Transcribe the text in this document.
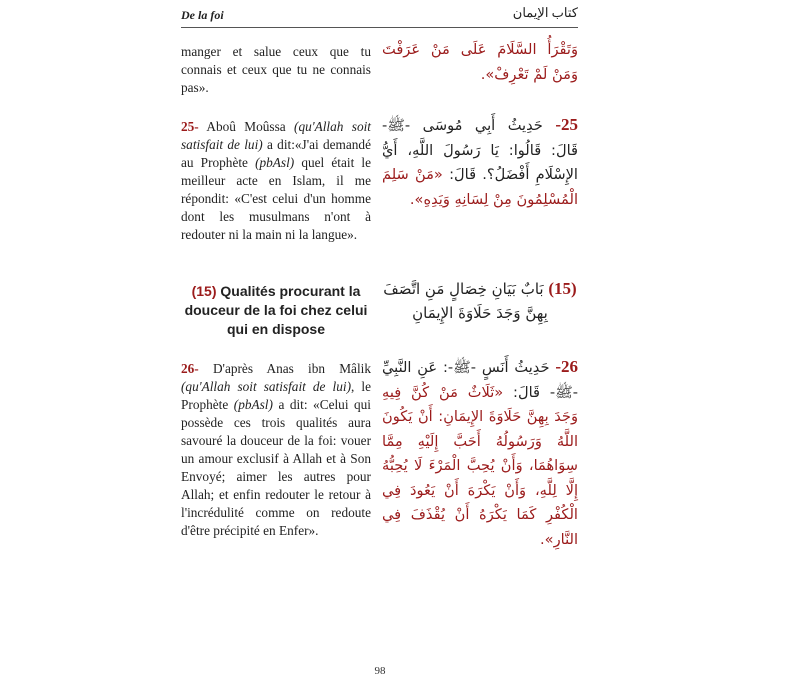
De la foi	كتاب الإيمان
manger et salue ceux que tu connais et ceux que tu ne connais pas».
وَتَقْرَأُ السَّلَامَ عَلَى مَنْ عَرَفْتَ وَمَنْ لَمْ تَعْرِفْ».
25- Aboû Moûssa (qu'Allah soit satisfait de lui) a dit:«J'ai demandé au Prophète (pbAsl) quel était le meilleur acte en Islam, il me répondit: «C'est celui d'un homme dont les musulmans n'ont à redouter ni la main ni la langue».
25- حَدِيثُ أَبِي مُوسَى -ﷺ- قَالَ: قَالُوا: يَا رَسُولَ اللَّهِ، أَيُّ الإِسْلَامِ أَفْضَلُ؟. قَالَ: «مَنْ سَلِمَ الْمُسْلِمُونَ مِنْ لِسَانِهِ وَيَدِهِ».
(15) Qualités procurant la douceur de la foi chez celui qui en dispose
(15) بَابٌ بَيَانِ خِصَالٍ مَنِ اتَّصَفَ بِهِنَّ وَجَدَ حَلَاوَةَ الإِيمَانِ
26- D'après Anas ibn Mâlik (qu'Allah soit satisfait de lui), le Prophète (pbAsl) a dit: «Celui qui possède ces trois qualités aura savouré la douceur de la foi: vouer un amour exclusif à Allah et à Son Envoyé; aimer les autres pour Allah; et enfin redouter le retour à l'incrédulité comme on redoute d'être précipité en Enfer».
26- حَدِيثُ أَنَسٍ -ﷺ-: عَنِ النَّبِيِّ -ﷺ- قَالَ: «ثَلَاثٌ مَنْ كُنَّ فِيهِ وَجَدَ بِهِنَّ حَلَاوَةَ الإِيمَانِ: أَنْ يَكُونَ اللَّهُ وَرَسُولُهُ أَحَبَّ إِلَيْهِ مِمَّا سِوَاهُمَا، وَأَنْ يُحِبَّ الْمَرْءَ لَا يُحِبُّهُ إِلَّا لِلَّهِ، وَأَنْ يَكْرَهَ أَنْ يَعُودَ فِي الْكُفْرِ كَمَا يَكْرَهُ أَنْ يُقْذَفَ فِي النَّارِ».
98
